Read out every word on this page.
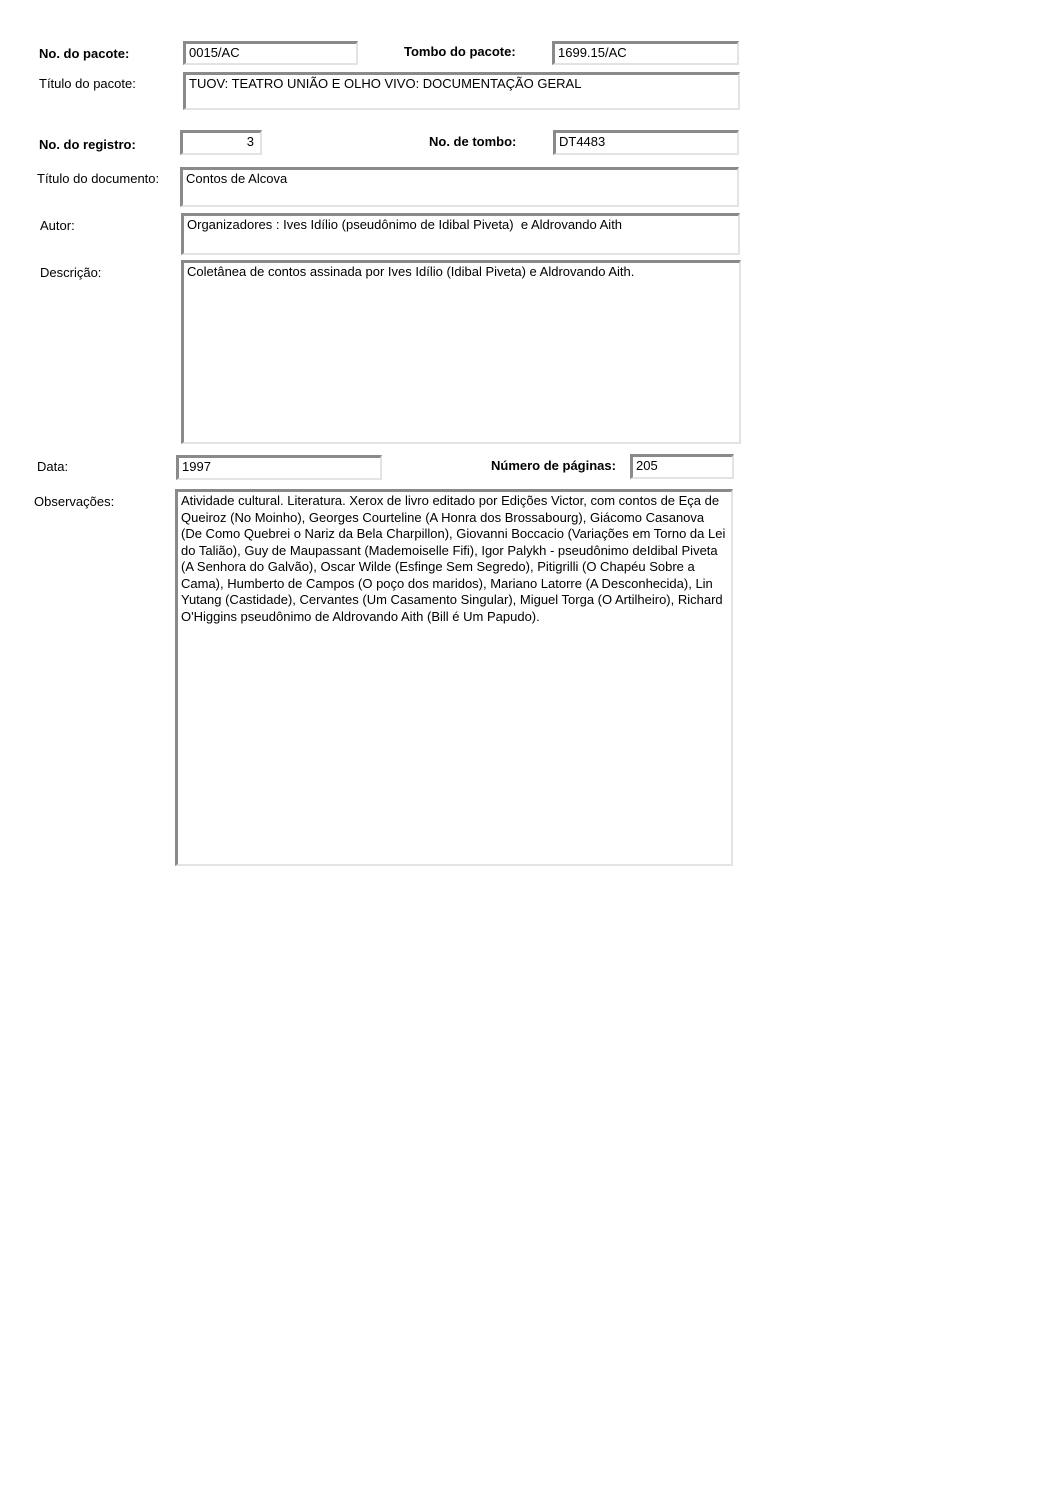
No. do pacote:	0015/AC	Tombo do pacote:	1699.15/AC
Título do pacote:	TUOV: TEATRO UNIÃO E OLHO VIVO: DOCUMENTAÇÃO GERAL
No. do registro:	3	No. de tombo:	DT4483
Título do documento: Contos de Alcova
Autor:	Organizadores : Ives Idílio (pseudônimo de Idibal Piveta)  e Aldrovando Aith
Descrição:	Coletânea de contos assinada por Ives Idílio (Idibal Piveta) e Aldrovando Aith.
Data:	1997	Número de páginas: 205
Observações:	Atividade cultural. Literatura. Xerox de livro editado por Edições Victor, com contos de Eça de Queiroz (No Moinho), Georges Courteline (A Honra dos Brossabourg), Giácomo Casanova (De Como Quebrei o Nariz da Bela Charpillon), Giovanni Boccacio (Variações em Torno da Lei do Talião), Guy de Maupassant (Mademoiselle Fifi), Igor Palykh - pseudônimo deIdibal Piveta (A Senhora do Galvão), Oscar Wilde (Esfinge Sem Segredo), Pitigrilli (O Chapéu Sobre a Cama), Humberto de Campos (O poço dos maridos), Mariano Latorre (A Desconhecida), Lin Yutang (Castidade), Cervantes (Um Casamento Singular), Miguel Torga (O Artilheiro), Richard O'Higgins pseudônimo de Aldrovando Aith (Bill é Um Papudo).
